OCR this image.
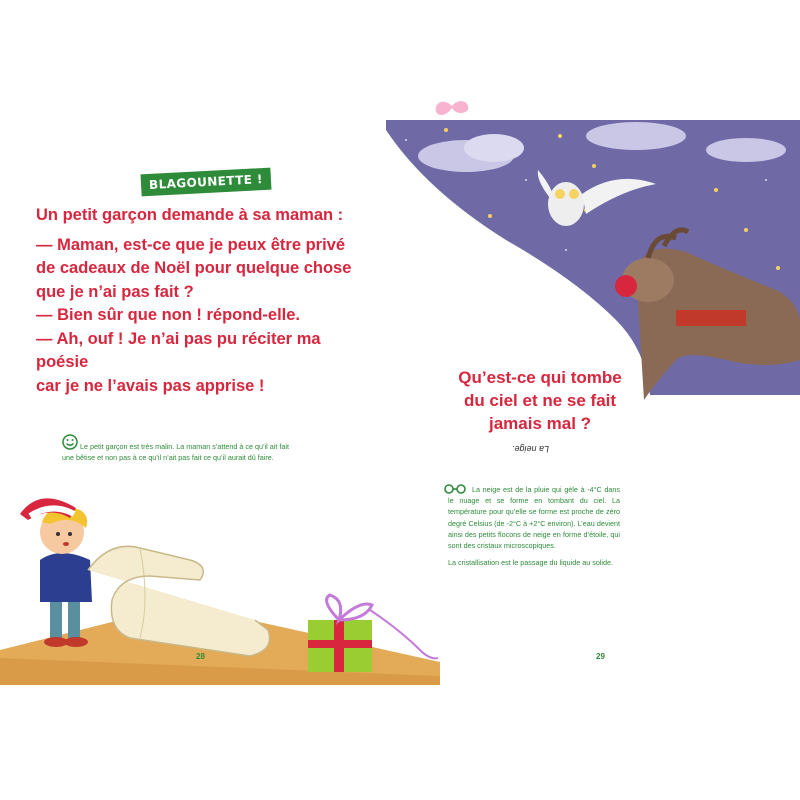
BLAGOUNETTE !

Un petit garçon demande à sa maman :

— Maman, est-ce que je peux être privé

de cadeaux de Noël pour quelque chose

que je n’ai pas fait ?

— Bien sûr que non ! répond-elle.

— Ah, ouf ! Je n’ai pas pu réciter ma poésie

car je ne l’avais pas apprise !

Le petit garçon est très malin. La maman s’attend à ce qu’il ait fait
une bêtise et non pas à ce qu’il n’ait pas fait ce qu’il aurait dû faire.
28
Qu’est-ce qui tombe
du ciel et ne se fait
jamais mal ?
La neige.

La neige est de la pluie qui gèle à -4°C dans le nuage et se forme en tombant du ciel. La température pour qu’elle se forme est proche de zéro degré Celsius (de -2°C à +2°C environ). L’eau devient ainsi des petits flocons de neige en forme d’étoile, qui sont des cristaux microscopiques.

La cristallisation est le passage du liquide au solide.

29
